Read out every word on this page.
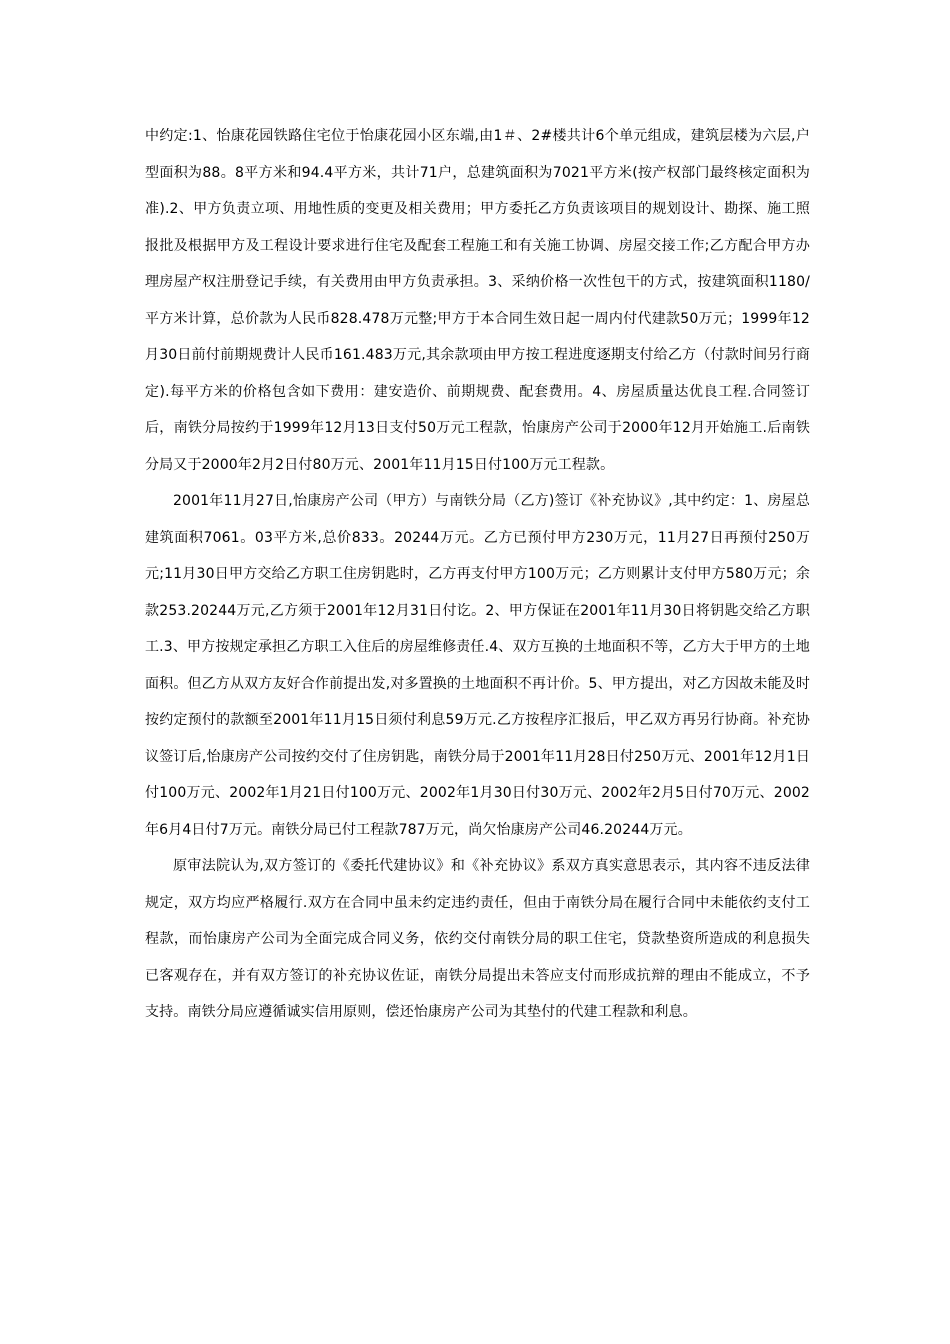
中约定:1、怡康花园铁路住宅位于怡康花园小区东端,由1＃、2#楼共计6个单元组成，建筑层楼为六层,户型面积为88。8平方米和94.4平方米，共计71户，总建筑面积为7021平方米(按产权部门最终核定面积为准).2、甲方负责立项、用地性质的变更及相关费用；甲方委托乙方负责该项目的规划设计、勘探、施工照报批及根据甲方及工程设计要求进行住宅及配套工程施工和有关施工协调、房屋交接工作;乙方配合甲方办理房屋产权注册登记手续，有关费用由甲方负责承担。3、采纳价格一次性包干的方式，按建筑面积1180/平方米计算，总价款为人民币828.478万元整;甲方于本合同生效日起一周内付代建款50万元；1999年12月30日前付前期规费计人民币161.483万元,其余款项由甲方按工程进度逐期支付给乙方（付款时间另行商定).每平方米的价格包含如下费用：建安造价、前期规费、配套费用。4、房屋质量达优良工程.合同签订后，南铁分局按约于1999年12月13日支付50万元工程款，怡康房产公司于2000年12月开始施工.后南铁分局又于2000年2月2日付80万元、2001年11月15日付100万元工程款。

2001年11月27日,怡康房产公司（甲方）与南铁分局（乙方)签订《补充协议》,其中约定：1、房屋总建筑面积7061。03平方米,总价833。20244万元。乙方已预付甲方230万元，11月27日再预付250万元;11月30日甲方交给乙方职工住房钥匙时，乙方再支付甲方100万元；乙方则累计支付甲方580万元；余款253.20244万元,乙方须于2001年12月31日付讫。2、甲方保证在2001年11月30日将钥匙交给乙方职工.3、甲方按规定承担乙方职工入住后的房屋维修责任.4、双方互换的土地面积不等，乙方大于甲方的土地面积。但乙方从双方友好合作前提出发,对多置换的土地面积不再计价。5、甲方提出，对乙方因故未能及时按约定预付的款额至2001年11月15日须付利息59万元.乙方按程序汇报后，甲乙双方再另行协商。补充协议签订后,怡康房产公司按约交付了住房钥匙，南铁分局于2001年11月28日付250万元、2001年12月1日付100万元、2002年1月21日付100万元、2002年1月30日付30万元、2002年2月5日付70万元、2002年6月4日付7万元。南铁分局已付工程款787万元，尚欠怡康房产公司46.20244万元。

原审法院认为,双方签订的《委托代建协议》和《补充协议》系双方真实意思表示，其内容不违反法律规定，双方均应严格履行.双方在合同中虽未约定违约责任，但由于南铁分局在履行合同中未能依约支付工程款，而怡康房产公司为全面完成合同义务，依约交付南铁分局的职工住宅，贷款垫资所造成的利息损失已客观存在，并有双方签订的补充协议佐证，南铁分局提出未答应支付而形成抗辩的理由不能成立，不予支持。南铁分局应遵循诚实信用原则，偿还怡康房产公司为其垫付的代建工程款和利息。
